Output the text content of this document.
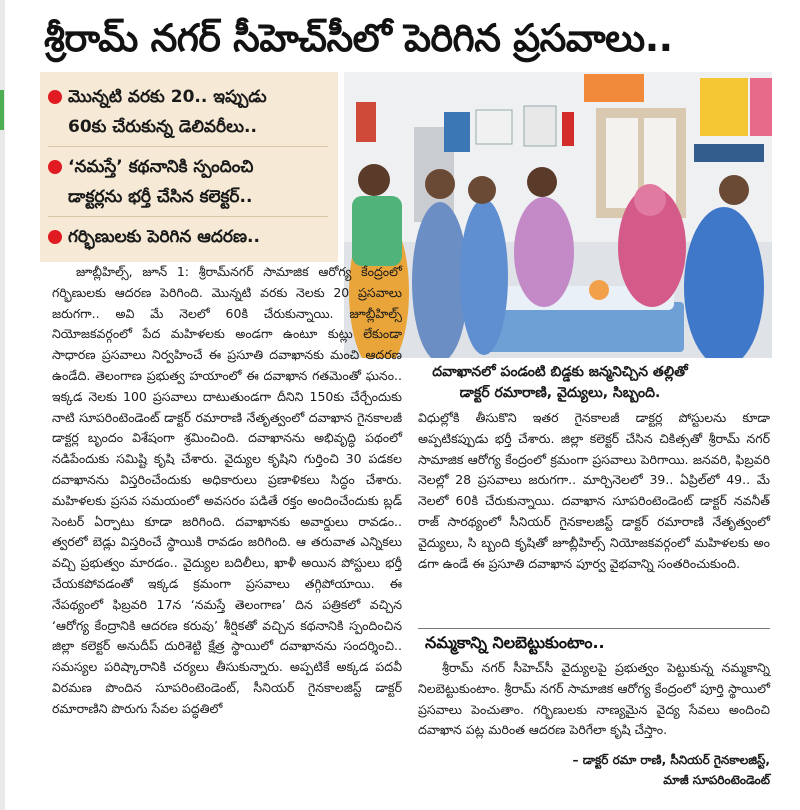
శ్రీరామ్ నగర్ సీహెచ్‌సీలో పెరిగిన ప్రసవాలు..
మొన్నటి వరకు 20.. ఇప్పుడు
60కు చేరుకున్న డెలివరీలు..
‘నమస్తే’ కథనానికి స్పందించి
డాక్టర్లను భర్తీ చేసిన కలెక్టర్..
గర్భిణులకు పెరిగిన ఆదరణ..
దవాఖానలో పండంటి బిడ్డకు జన్మనిచ్చిన తల్లితో
డాక్టర్ రమారాణి, వైద్యులు, సిబ్బంది.
జూబ్లీహిల్స్, జూన్ 1: శ్రీరామ్‌నగర్ సామాజిక ఆరోగ్య కేంద్రంలో గర్భిణులకు ఆదరణ పెరిగింది. మొన్నటి వరకు నెలకు 20 ప్రసవాలు జరుగగా.. అవి మే నెలలో 60కి చేరుకున్నాయి. జూబ్లీహిల్స్ నియోజకవర్గంలో పేద మహిళలకు అండగా ఉంటూ కుట్లు లేకుండా సాధారణ ప్రసవాలు నిర్వహించే ఈ ప్రసూతి దవాఖానకు మంచి ఆదరణ ఉండేది. తెలంగాణ ప్రభుత్వ హయాంలో ఈ దవాఖాన గతమెంతో ఘనం.. ఇక్కడ నెలకు 100 ప్రసవాలు దాటుతుండగా దీనిని 150కు చేర్చేందుకు నాటి సూపరింటెండెంట్ డాక్టర్ రమారాణి నేతృత్వంలో దవాఖాన గైనకాలజీ డాక్టర్ల బృందం విశేషంగా శ్రమించింది. దవాఖానను అభివృద్ధి పథంలో నడిపేందుకు సమిష్టి కృషి చేశారు. వైద్యుల కృషిని గుర్తించి 30 పడకల దవాఖానను విస్తరించేందుకు అధికారులు ప్రణాళికలు సిద్ధం చేశారు. మహిళలకు ప్రసవ సమయంలో అవసరం పడితే రక్తం అందించేందుకు బ్లడ్ సెంటర్ ఏర్పాటు కూడా జరిగింది. దవాఖానకు అవార్డులు రావడం.. త్వరలో బెడ్లు విస్తరించే స్థాయికి రావడం జరిగింది. ఆ తరువాత ఎన్నికలు వచ్చి ప్రభుత్వం మారడం.. వైద్యుల బదిలీలు, ఖాళీ అయిన పోస్టులు భర్తీ చేయకపోవడంతో ఇక్కడ క్రమంగా ప్రసవాలు తగ్గిపోయాయి. ఈ నేపథ్యంలో ఫిబ్రవరి 17న ‘నమస్తే తెలంగాణ’ దిన పత్రికలో వచ్చిన ‘ఆరోగ్య కేంద్రానికి ఆదరణ కరువు’ శీర్షికతో వచ్చిన కథనానికి స్పందించిన జిల్లా కలెక్టర్ అనుదీప్ దురిశెట్టి క్షేత్ర స్థాయిలో దవాఖానను సందర్శించి.. సమస్యల పరిష్కారానికి చర్యలు తీసుకున్నారు. అప్పటికే అక్కడ పదవీ విరమణ పొందిన సూపరింటెండెంట్, సీనియర్ గైనకాలజిస్ట్ డాక్టర్ రమారాణిని పొరుగు సేవల పద్ధతిలో
విధుల్లోకి తీసుకొని ఇతర గైనకాలజీ డాక్టర్ల పోస్టులను కూడా అప్పటికప్పుడు భర్తీ చేశారు. జిల్లా కలెక్టర్ చేసిన చికిత్సతో శ్రీరామ్ నగర్ సామాజిక ఆరోగ్య కేంద్రంలో క్రమంగా ప్రసవాలు పెరిగాయి. జనవరి, ఫిబ్రవరి నెలల్లో 28 ప్రసవాలు జరుగగా.. మార్చినెలలో 39.. ఏప్రిల్‌లో 49.. మే నెలలో 60కి చేరుకున్నాయి. దవాఖాన సూపరింటెండెంట్ డాక్టర్ నవనీత్ రాజ్ సారథ్యంలో సీనియర్ గైనకాలజిస్ట్ డాక్టర్ రమారాణి నేతృత్వంలో వైద్యులు, సి బ్బంది కృషితో జూబ్లీహిల్స్ నియోజకవర్గంలో మహిళలకు అం డగా ఉండే ఈ ప్రసూతి దవాఖాన పూర్వ వైభవాన్ని సంతరించుకుంది.
నమ్మకాన్ని నిలబెట్టుకుంటాం..
శ్రీరామ్ నగర్ సీహెచ్‌సీ వైద్యులపై ప్రభుత్వం పెట్టుకున్న నమ్మకాన్ని నిలబెట్టుకుంటాం. శ్రీరామ్ నగర్ సామాజిక ఆరోగ్య కేంద్రంలో పూర్తి స్థాయిలో ప్రసవాలు పెంచుతాం. గర్భిణులకు నాణ్యమైన వైద్య సేవలు అందించి దవాఖాన పట్ల మరింత ఆదరణ పెరిగేలా కృషి చేస్తాం.
– డాక్టర్ రమా రాణి, సీనియర్ గైనకాలజిస్ట్,
మాజీ సూపరింటెండెంట్
